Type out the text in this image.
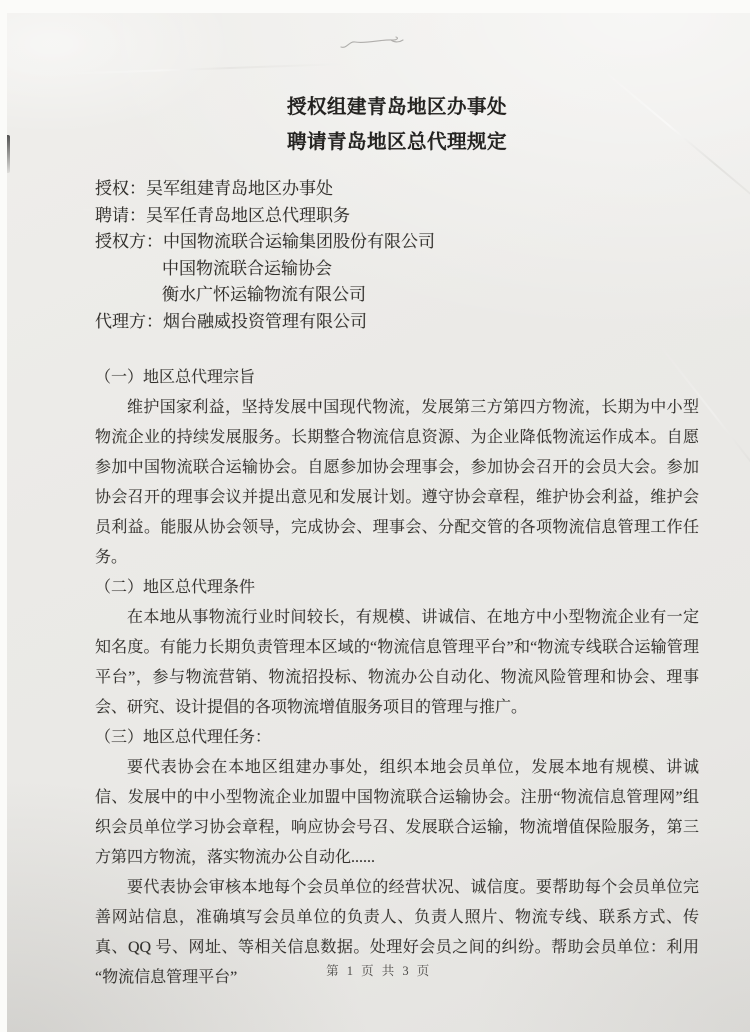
授权组建青岛地区办事处
聘请青岛地区总代理规定
授权：吴军组建青岛地区办事处
聘请：吴军任青岛地区总代理职务
授权方：中国物流联合运输集团股份有限公司
中国物流联合运输协会
衡水广怀运输物流有限公司
代理方：烟台融威投资管理有限公司
（一）地区总代理宗旨

维护国家利益，坚持发展中国现代物流，发展第三方第四方物流，长期为中小型物流企业的持续发展服务。长期整合物流信息资源、为企业降低物流运作成本。自愿参加中国物流联合运输协会。自愿参加协会理事会，参加协会召开的会员大会。参加协会召开的理事会议并提出意见和发展计划。遵守协会章程，维护协会利益，维护会员利益。能服从协会领导，完成协会、理事会、分配交管的各项物流信息管理工作任务。

（二）地区总代理条件

在本地从事物流行业时间较长，有规模、讲诚信、在地方中小型物流企业有一定知名度。有能力长期负责管理本区域的“物流信息管理平台”和“物流专线联合运输管理平台”，参与物流营销、物流招投标、物流办公自动化、物流风险管理和协会、理事会、研究、设计提倡的各项物流增值服务项目的管理与推广。

（三）地区总代理任务：

要代表协会在本地区组建办事处，组织本地会员单位，发展本地有规模、讲诚信、发展中的中小型物流企业加盟中国物流联合运输协会。注册“物流信息管理网”组织会员单位学习协会章程，响应协会号召、发展联合运输，物流增值保险服务，第三方第四方物流，落实物流办公自动化......

要代表协会审核本地每个会员单位的经营状况、诚信度。要帮助每个会员单位完善网站信息，准确填写会员单位的负责人、负责人照片、物流专线、联系方式、传真、QQ 号、网址、等相关信息数据。处理好会员之间的纠纷。帮助会员单位：利用“物流信息管理平台”	第 1 页 共 3 页
